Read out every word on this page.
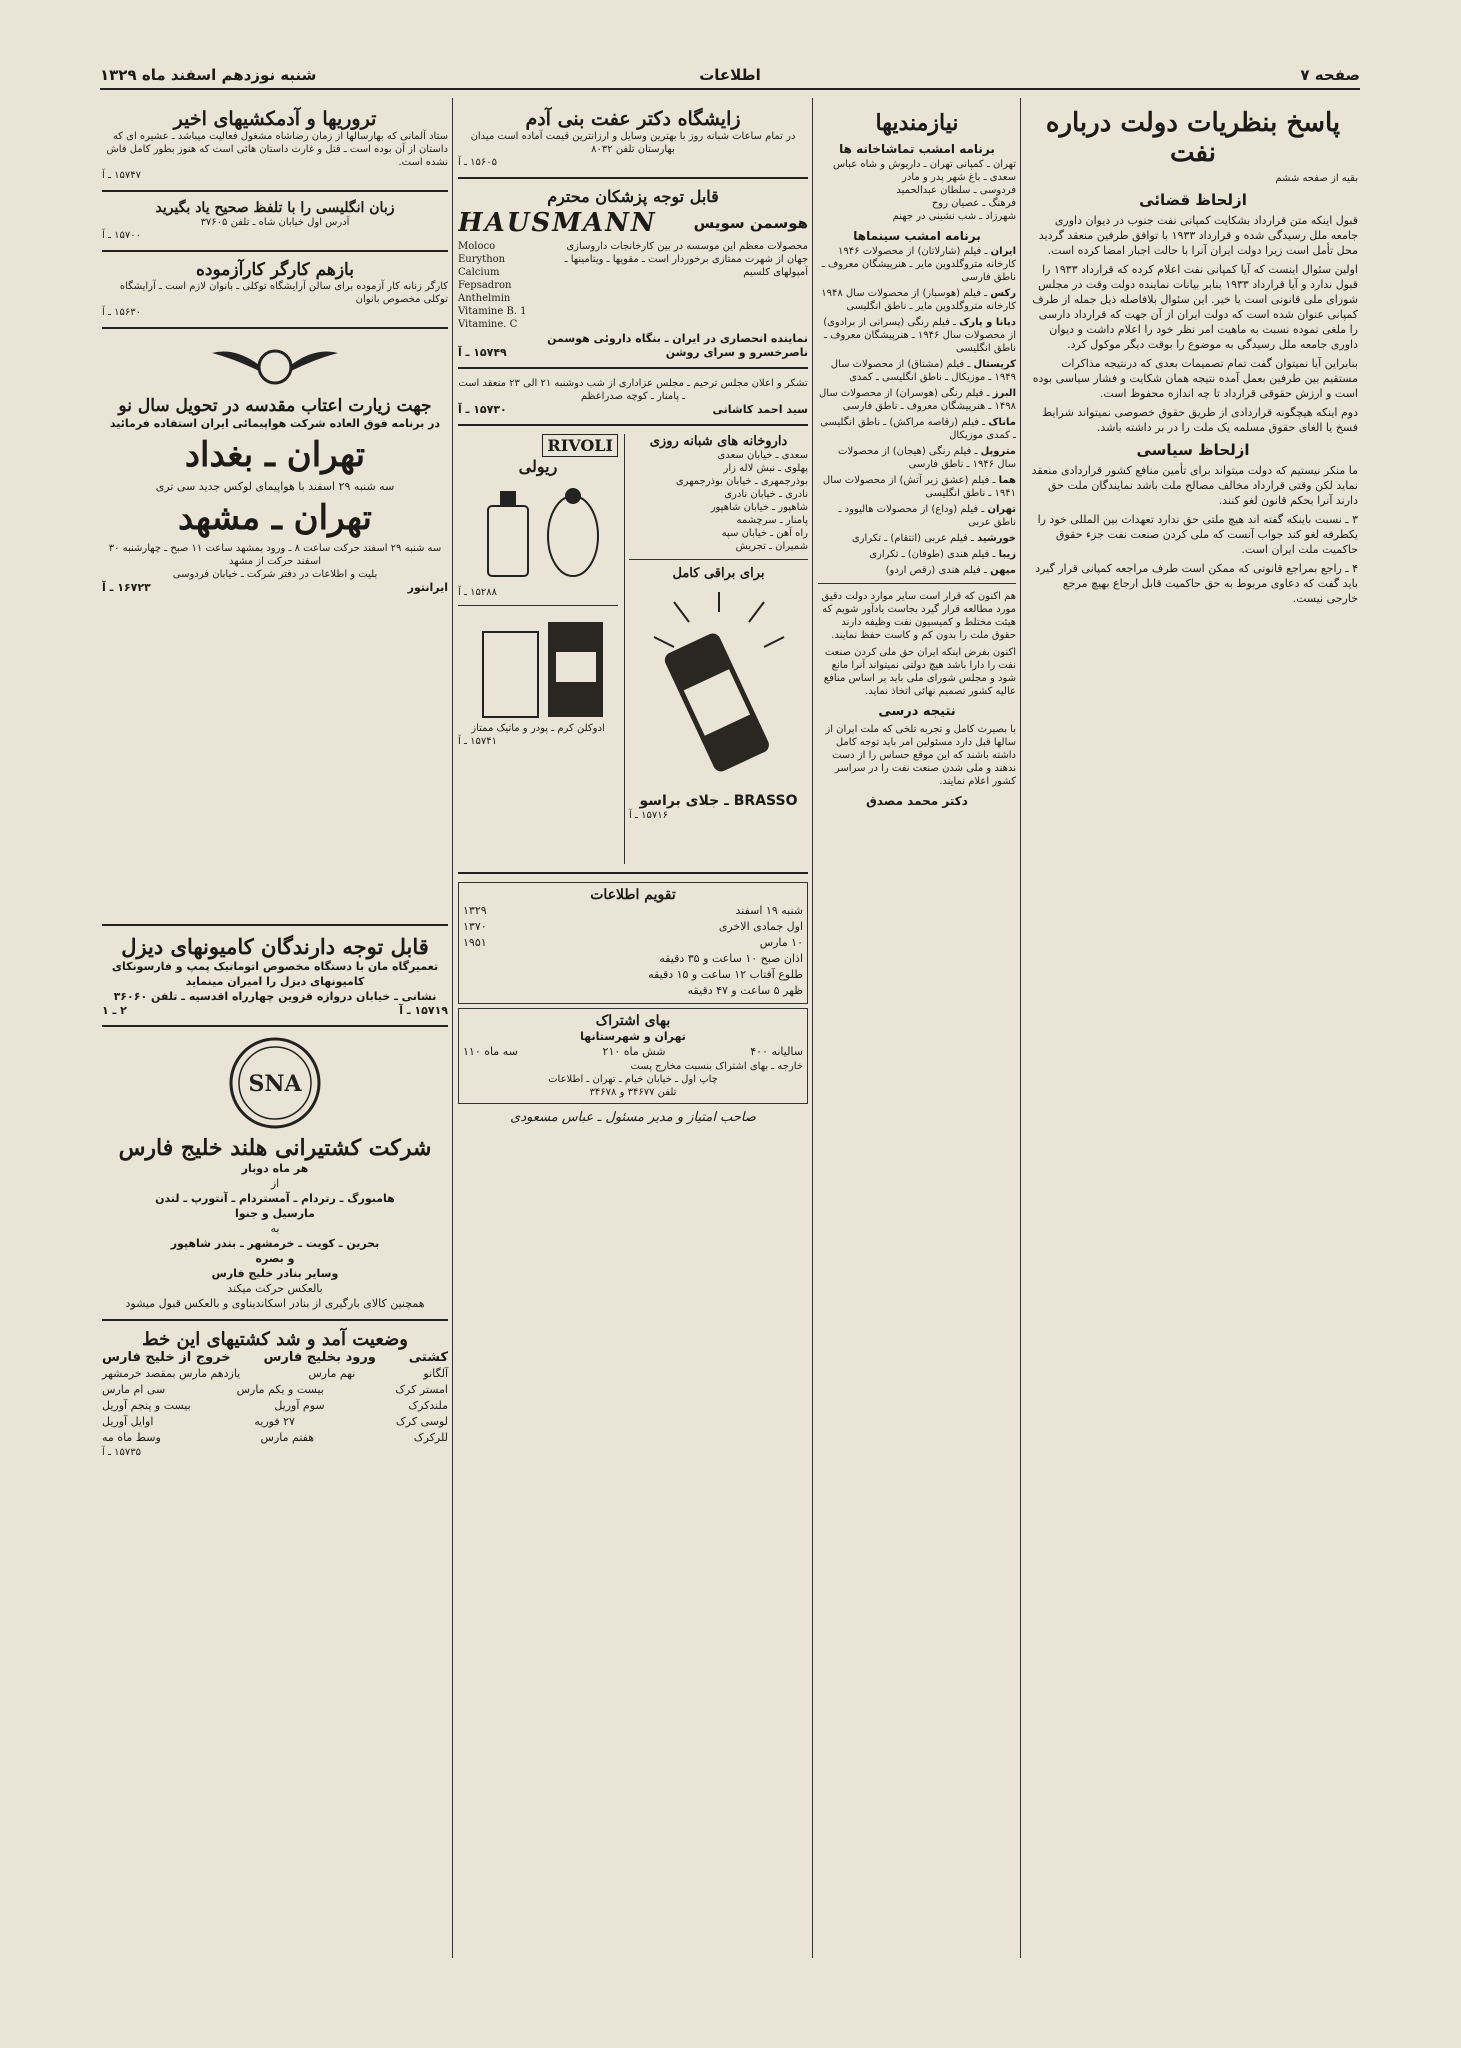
صفحه ۷
اطلاعات
شنبه نوزدهم اسفند ماه ۱۳۲۹
پاسخ بنظریات دولت درباره نفت
بقیه از صفحه ششم
ازلحاظ قضائی

قبول اینکه متن قرارداد بشکایت کمپانی نفت جنوب در دیوان داوری جامعه ملل رسیدگی شده و قرارداد ۱۹۳۳ با توافق طرفین منعقد گردید محل تأمل است زیرا دولت ایران آنرا با حالت اجبار امضا کرده است.

اولین سئوال اینست که آیا کمپانی نفت اعلام کرده که قرارداد ۱۹۳۳ را قبول ندارد و آیا قرارداد ۱۹۳۳ بنابر بیانات نماینده دولت وقت در مجلس شورای ملی قانونی است یا خیر. این سئوال بلافاصله ذیل جمله از طرف کمپانی عنوان شده است که دولت ایران از آن جهت که قرارداد دارسی را ملغی نموده نسبت به ماهیت امر نظر خود را اعلام داشت و دیوان داوری جامعه ملل رسیدگی به موضوع را بوقت دیگر موکول کرد.

بنابراین آیا نمیتوان گفت تمام تصمیمات بعدی که درنتیجه مذاکرات مستقیم بین طرفین بعمل آمده نتیجه همان شکایت و فشار سیاسی بوده است و ارزش حقوقی قرارداد تا چه اندازه محفوظ است.

دوم اینکه هیچگونه قراردادی از طریق حقوق خصوصی نمیتواند شرایط فسخ یا الغای حقوق مسلمه یک ملت را در بر داشته باشد.

ازلحاظ سیاسی

ما منکر نیستیم که دولت میتواند برای تأمین منافع کشور قراردادی منعقد نماید لکن وقتی قرارداد مخالف مصالح ملت باشد نمایندگان ملت حق دارند آنرا بحکم قانون لغو کنند.

۳ ـ نسبت باینکه گفته اند هیچ ملتی حق ندارد تعهدات بین المللی خود را یکطرفه لغو کند جواب آنست که ملی کردن صنعت نفت جزء حقوق حاکمیت ملت ایران است.

۴ ـ راجع بمراجع قانونی که ممکن است طرف مراجعه کمپانی قرار گیرد باید گفت که دعاوی مربوط به حق حاکمیت قابل ارجاع بهیچ مرجع خارجی نیست.

نیازمندیها
برنامه امشب تماشاخانه ها
تهران ـ کمپانی تهران ـ داریوش و شاه عباس
سعدی ـ باغ شهر پدر و مادر
فردوسی ـ سلطان عبدالحمید
فرهنگ ـ عصیان روح
شهرزاد ـ شب نشینی در جهنم
برنامه امشب سینماها
ایران ـ فیلم (شارلاتان) از محصولات ۱۹۴۶ کارخانه متروگلدوین مایر ـ هنرپیشگان معروف ـ ناطق فارسی
رکس ـ فیلم (هوسباز) از محصولات سال ۱۹۴۸ کارخانه متروگلدوین مایر ـ ناطق انگلیسی
دیانا و پارک ـ فیلم رنگی (پسرانی از برادوی) از محصولات سال ۱۹۴۶ ـ هنرپیشگان معروف ـ ناطق انگلیسی
کریستال ـ فیلم (مشتاق) از محصولات سال ۱۹۴۹ ـ موزیکال ـ ناطق انگلیسی ـ کمدی
البرز ـ فیلم رنگی (هوسران) از محصولات سال ۱۴۹۸ ـ هنرپیشگان معروف ـ ناطق فارسی
ماناک ـ فیلم (رقاصه مراکش) ـ ناطق انگلیسی ـ کمدی موزیکال
متروپل ـ فیلم رنگی (هیجان) از محصولات سال ۱۹۴۶ ـ ناطق فارسی
هما ـ فیلم (عشق زیر آتش) از محصولات سال ۱۹۴۱ ـ ناطق انگلیسی
تهران ـ فیلم (وداع) از محصولات هالیوود ـ ناطق عربی
خورشید ـ فیلم عربی (انتقام) ـ تکراری
زیبا ـ فیلم هندی (طوفان) ـ تکراری
میهن ـ فیلم هندی (رقص اردو)

هم اکنون که قرار است سایر موارد دولت دقیق مورد مطالعه قرار گیرد بجاست یادآور شویم که هیئت مختلط و کمیسیون نفت وظیفه دارند حقوق ملت را بدون کم و کاست حفظ نمایند.

اکنون بفرض اینکه ایران حق ملی کردن صنعت نفت را دارا باشد هیچ دولتی نمیتواند آنرا مانع شود و مجلس شورای ملی باید بر اساس منافع عالیه کشور تصمیم نهائی اتخاذ نماید.

نتیجه درسی

با بصیرت کامل و تجربه تلخی که ملت ایران از سالها قبل دارد مسئولین امر باید توجه کامل داشته باشند که این موقع حساس را از دست ندهند و ملی شدن صنعت نفت را در سراسر کشور اعلام نمایند.

دکتر محمد مصدق
زایشگاه دکتر عفت بنی آدم
در تمام ساعات شبانه روز با بهترین وسایل و ارزانترین قیمت آماده است میدان بهارستان تلفن ۸۰۳۲
۱۵۶۰۵ ـ آ
قابل توجه پزشکان محترم
هوسمن سویس
HAUSMANN
محصولات معظم این موسسه در بین کارخانجات داروسازی جهان از شهرت ممتازی برخوردار است ـ مقویها ـ ویتامینها ـ آمپولهای کلسیم
Moloco
Eurython
Calcium
Fepsadron
Anthelmin
Vitamine B. 1
Vitamine. C
نماینده انحصاری در ایران ـ بنگاه داروئی هوسمن
ناصرخسرو و سرای روشن
۱۵۷۴۹ ـ آ
تشکر و اعلان مجلس ترحیم ـ مجلس عزاداری از شب دوشنبه ۲۱ الی ۲۳ منعقد است ـ پامنار ـ کوچه صدراعظم
سید احمد کاشانی
۱۵۷۳۰ ـ آ
داروخانه های شبانه روزی
سعدی ـ خیابان سعدی
پهلوی ـ نبش لاله زار
بوذرجمهری ـ خیابان بوذرجمهری
نادری ـ خیابان نادری
شاهپور ـ خیابان شاهپور
پامنار ـ سرچشمه
راه آهن ـ خیابان سپه
شمیران ـ تجریش
برای براقی کامل
BRASSO ـ جلای براسو
۱۵۷۱۶ ـ آ
RIVOLI
ریولی
۱۵۲۸۸ ـ آ
ادوکلن کرم ـ پودر و ماتیک ممتاز
۱۵۷۴۱ ـ آ
تقویم اطلاعات
شنبه ۱۹ اسفند
۱۳۲۹
اول جمادی الاخری
۱۳۷۰
۱۰ مارس
۱۹۵۱
اذان صبح ۱۰ ساعت و ۳۵ دقیقه
طلوع آفتاب ۱۲ ساعت و ۱۵ دقیقه
ظهر ۵ ساعت و ۴۷ دقیقه
بهای اشتراک
تهران و شهرستانها
سالیانه ۴۰۰
شش ماه ۲۱۰
سه ماه ۱۱۰
خارجه ـ بهای اشتراک بنسبت مخارج پست
چاپ اول ـ خیابان خیام ـ تهران ـ اطلاعات
تلفن ۳۴۶۷۷ و ۳۴۶۷۸
صاحب امتیاز و مدیر مسئول ـ عباس مسعودی
تروریها و آدمکشیهای اخیر
ستاد آلمانی که بهارسالها از زمان رضاشاه مشغول فعالیت میباشد ـ عشیره ای که داستان از آن بوده است ـ قتل و غارت داستان هائی است که هنوز بطور کامل فاش نشده است.
۱۵۷۴۷ ـ آ
زبان انگلیسی را با تلفظ صحیح یاد بگیرید
آدرس اول خیابان شاه ـ تلفن ۳۷۶۰۵
۱۵۷۰۰ ـ آ
بازهم کارگر کارآزموده
کارگر زنانه کار آزموده برای سالن آرایشگاه توکلی ـ بانوان لازم است ـ آرایشگاه توکلی مخصوص بانوان
۱۵۶۳۰ ـ آ
جهت زیارت اعتاب مقدسه در تحویل سال نو
در برنامه فوق العاده شرکت هواپیمائی ایران استفاده فرمائید
تهران ـ بغداد
سه شنبه ۲۹ اسفند با هواپیمای لوکس جدید سی تری
تهران ـ مشهد
سه شنبه ۲۹ اسفند حرکت ساعت ۸ ـ ورود بمشهد ساعت ۱۱ صبح ـ چهارشنبه ۳۰ اسفند حرکت از مشهد
بلیت و اطلاعات در دفتر شرکت ـ خیابان فردوسی
ایرانتور
۱۶۷۲۳ ـ آ
قابل توجه دارندگان کامیونهای دیزل
تعمیرگاه مان با دستگاه مخصوص اتوماتیک پمپ و فارسونکای
کامیونهای دیزل را امیران مینماید
نشانی ـ خیابان دروازه قزوین چهارراه اقدسیه ـ تلفن ۳۶۰۶۰
۱۵۷۱۹ ـ آ
۲ ـ ۱
SNA
شرکت کشتیرانی هلند خلیج فارس
هر ماه دوبار
از
هامبورگ ـ رتردام ـ آمستردام ـ آنتورپ ـ لندن
مارسیل و جنوا
به
بحرین ـ کویت ـ خرمشهر ـ بندر شاهپور
و بصره
وسایر بنادر خلیج فارس
بالعکس حرکت میکند
همچنین کالای بارگیری از بنادر اسکاندیناوی و بالعکس قبول میشود
وضعیت آمد و شد کشتیهای این خط
کشتی
ورود بخلیج فارس
خروج از خلیج فارس
آلگانو
نهم مارس
یازدهم مارس بمقصد خرمشهر
امستر کرک
بیست و یکم مارس
سی ام مارس
ملندکرک
سوم آوریل
بیست و پنجم آوریل
لوسی کرک
۲۷ فوریه
اوایل آوریل
للرکرک
هفتم مارس
وسط ماه مه
۱۵۷۳۵ ـ آ
